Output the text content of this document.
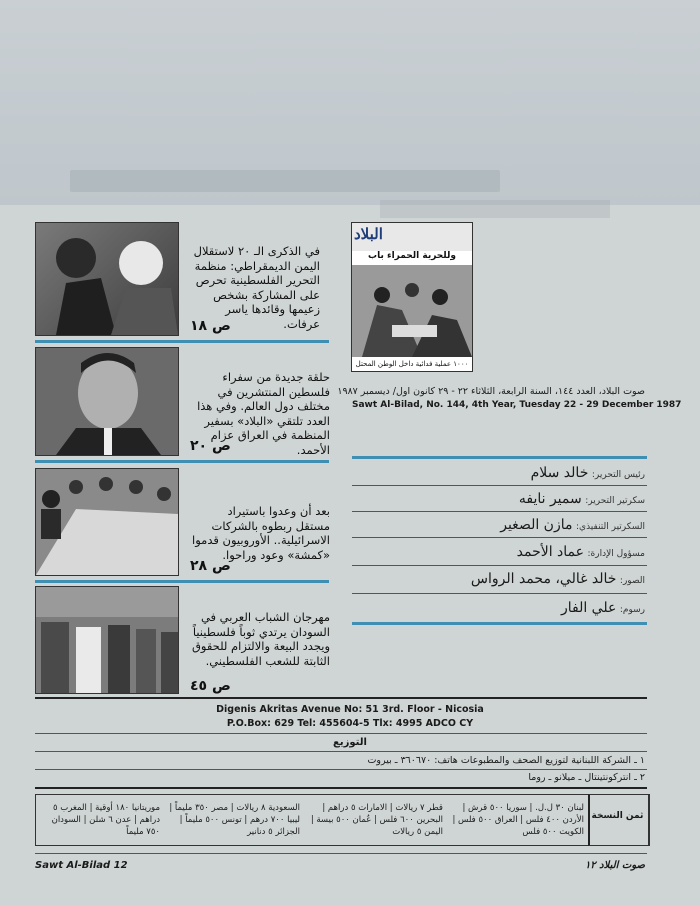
في الذكرى الـ ٢٠ لاستقلال اليمن الديمقراطي: منظمة التحرير الفلسطينية تحرص على المشاركة بشخص زعيمها وقائدها ياسر عرفات.
ص ١٨
حلقة جديدة من سفراء فلسطين المنتشرين في مختلف دول العالم. وفي هذا العدد تلتقي «البلاد» بسفير المنظمة في العراق عزام الأحمد.
ص ٢٠
بعد أن وعدوا باستيراد مستقل ربطوه بالشركات الاسرائيلية.. الأوروبيون قدموا «كمشة» وعود وراحوا.
ص ٢٨
مهرجان الشباب العربي في السودان يرتدي ثوباً فلسطينياً ويجدد البيعة والالتزام للحقوق الثابتة للشعب الفلسطيني.
ص ٤٥
البلاد
وللحرية الحمراء باب
١٠٠٠ عملية فدائية داخل الوطن المحتل
صوت البلاد، العدد ١٤٤، السنة الرابعة، الثلاثاء ٢٢ - ٢٩ كانون اول/ ديسمبر ١٩٨٧
Sawt Al-Bilad, No. 144, 4th Year, Tuesday 22 - 29 December 1987
رئيس التحرير: خالد سلام
سكرتير التحرير: سمير نايفه
السكرتير التنفيذي: مازن الصغير
مسؤول الإدارة: عماد الأحمد
الصور: خالد غالي، محمد الرواس
رسوم: علي الفار
Digenis Akritas Avenue No: 51 3rd. Floor - Nicosia
P.O.Box: 629 Tel: 455604-5 Tlx: 4995 ADCO CY
التوزيع
١ ـ الشركة اللبنانية لتوزيع الصحف والمطبوعات هاتف: ٣٦٠٦٧٠ ـ بيروت
٢ ـ انتركونتينتال ـ ميلانو ـ روما
ثمن النسخة
لبنان ٣٠ ل.ل. | سوريا ٥٠٠ قرش | الأردن ٤٠٠ فلس | العراق ٥٠٠ فلس | الكويت ٥٠٠ فلس
قطر ٧ ريالات | الامارات ٥ دراهم | البحرين ٦٠٠ فلس | عُمان ٥٠٠ بيسة | اليمن ٥ ريالات
السعودية ٨ ريالات | مصر ٣٥٠ مليماً | ليبيا ٧٠٠ درهم | تونس ٥٠٠ مليماً | الجزائر ٥ دنانير
موريتانيا ١٨٠ أوقية | المغرب ٥ دراهم | عدن ٦ شلن | السودان ٧٥٠ مليماً
Sawt Al-Bilad 12	صوت البلاد ١٢
